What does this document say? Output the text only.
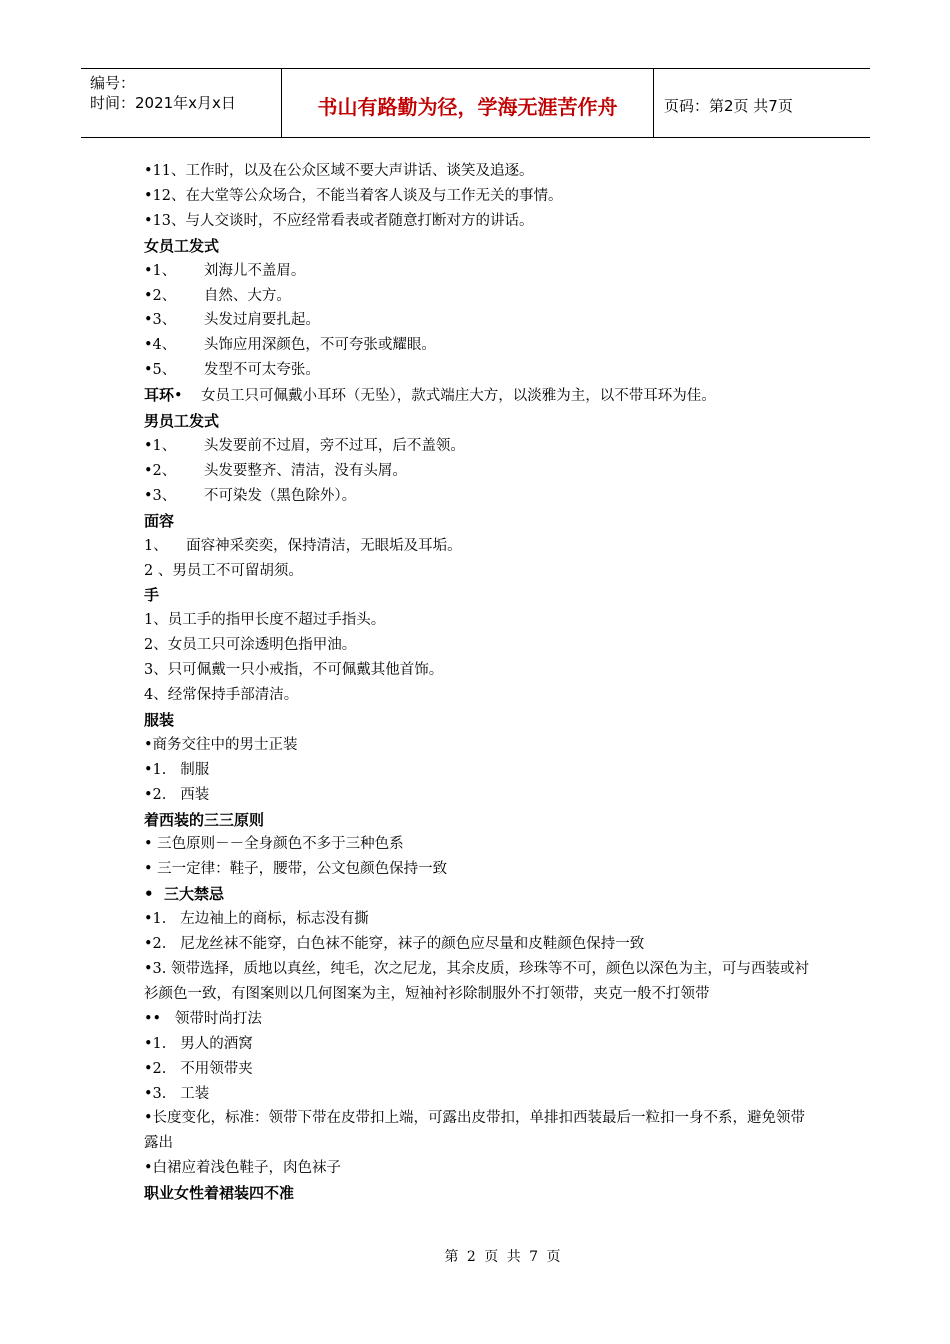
编号：
时间：2021年x月x日	书山有路勤为径，学海无涯苦作舟	页码：第2页 共7页
•11、工作时，以及在公众区域不要大声讲话、谈笑及追逐。
•12、在大堂等公众场合，不能当着客人谈及与工作无关的事情。
•13、与人交谈时，不应经常看表或者随意打断对方的讲话。
女员工发式
•1、      刘海儿不盖眉。
•2、      自然、大方。
•3、      头发过肩要扎起。
•4、      头饰应用深颜色，不可夸张或耀眼。
•5、      发型不可太夸张。
耳环•    女员工只可佩戴小耳环（无坠），款式端庄大方，以淡雅为主，以不带耳环为佳。
男员工发式
•1、      头发要前不过眉，旁不过耳，后不盖领。
•2、      头发要整齐、清洁，没有头屑。
•3、      不可染发（黑色除外）。
面容
1、    面容神采奕奕，保持清洁，无眼垢及耳垢。
2 、男员工不可留胡须。
手
1、员工手的指甲长度不超过手指头。
2、女员工只可涂透明色指甲油。
3、只可佩戴一只小戒指，不可佩戴其他首饰。
4、经常保持手部清洁。
服装
•商务交往中的男士正装
•1.   制服
•2.   西装
着西装的三三原则
• 三色原则－－全身颜色不多于三种色系
• 三一定律：鞋子，腰带，公文包颜色保持一致
•  三大禁忌
•1.   左边袖上的商标，标志没有撕
•2.   尼龙丝袜不能穿，白色袜不能穿，袜子的颜色应尽量和皮鞋颜色保持一致
•3. 领带选择，质地以真丝，纯毛，次之尼龙，其余皮质，珍珠等不可，颜色以深色为主，可与西装或衬衫颜色一致，有图案则以几何图案为主，短袖衬衫除制服外不打领带，夹克一般不打领带
••   领带时尚打法
•1.   男人的酒窝
•2.   不用领带夹
•3.   工装
•长度变化，标准：领带下带在皮带扣上端，可露出皮带扣，单排扣西装最后一粒扣一身不系，避免领带露出
•白裙应着浅色鞋子，肉色袜子
职业女性着裙装四不准
第 2 页 共 7 页
